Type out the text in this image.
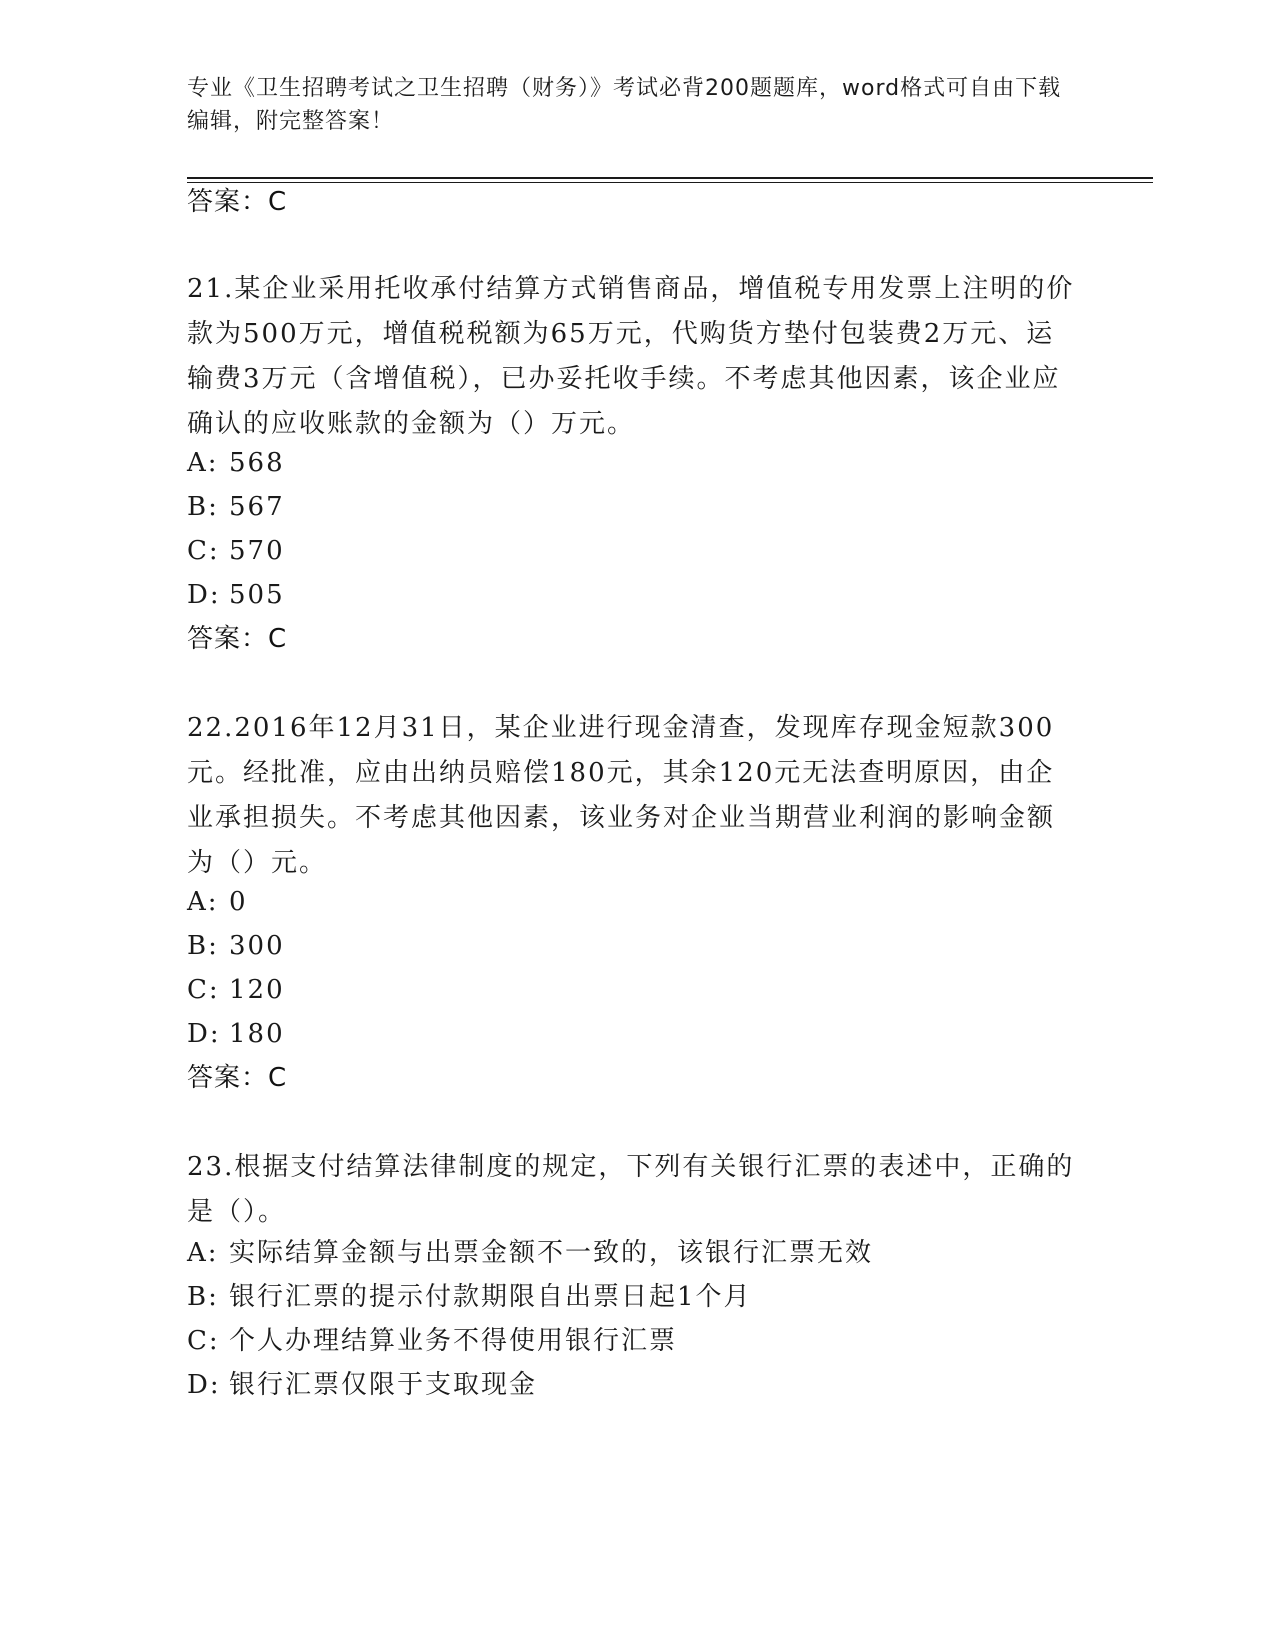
专业《卫生招聘考试之卫生招聘（财务）》考试必背200题题库，word格式可自由下载编辑，附完整答案！
答案：C
21.某企业采用托收承付结算方式销售商品，增值税专用发票上注明的价款为500万元，增值税税额为65万元，代购货方垫付包装费2万元、运输费3万元（含增值税），已办妥托收手续。不考虑其他因素，该企业应确认的应收账款的金额为（）万元。
A: 568
B: 567
C: 570
D: 505
答案：C
22.2016年12月31日，某企业进行现金清查，发现库存现金短款300元。经批准，应由出纳员赔偿180元，其余120元无法查明原因，由企业承担损失。不考虑其他因素，该业务对企业当期营业利润的影响金额为（）元。
A: 0
B: 300
C: 120
D: 180
答案：C
23.根据支付结算法律制度的规定，下列有关银行汇票的表述中，正确的是（）。
A: 实际结算金额与出票金额不一致的，该银行汇票无效
B: 银行汇票的提示付款期限自出票日起1个月
C: 个人办理结算业务不得使用银行汇票
D: 银行汇票仅限于支取现金
